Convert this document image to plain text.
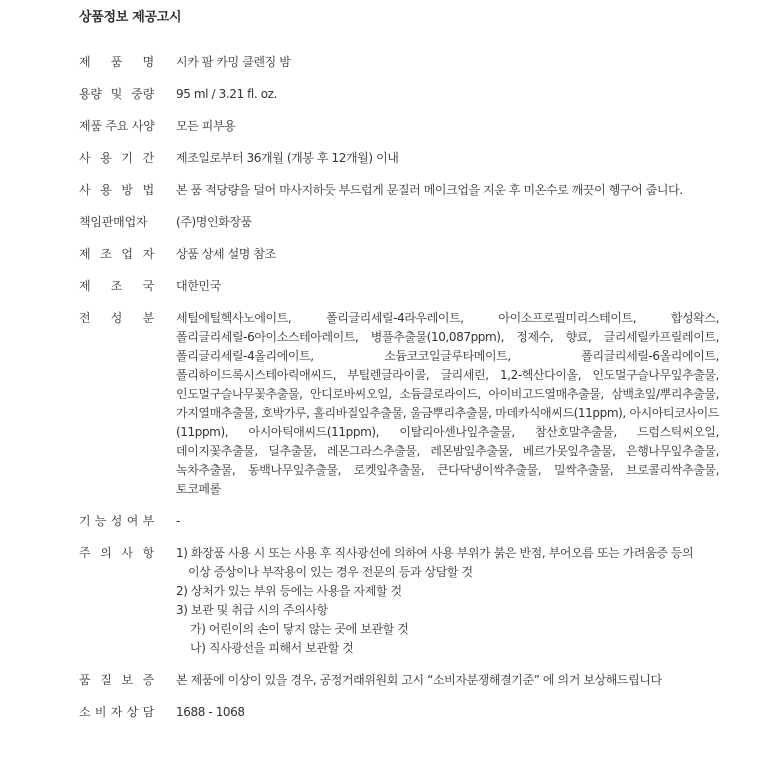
상품정보 제공고시
제 품 명 시카 팜 카밍 클렌징 밤
용량 및 중량 95 ml / 3.21 fl. oz.
제품 주요 사양 모든 피부용
사 용 기 간 제조일로부터 36개월 (개봉 후 12개월) 이내
사 용 방 법 본 품 적당량을 덜어 마사지하듯 부드럽게 문질러 메이크업을 지운 후 미온수로 깨끗이 헹구어 줍니다.
책임판매업자	(주)명인화장품
제 조 업 자 상품 상세 설명 참조
제 조 국 대한민국
전 성 분 세틸에틸헥사노에이트, 폴리글리세릴-4라우레이트, 아이소프로필미리스테이트, 합성왁스, 폴리글리세릴-6아이소스테아레이트, 병풀추출물(10,087ppm), 정제수, 향료, 글리세릴카프릴레이트, 폴리글리세릴-4올리에이트, 소듐코코일글루타메이트, 폴리글리세릴-6올리에이트, 폴리하이드록시스테아릭애씨드, 부틸렌글라이콜, 글리세린, 1,2-헥산다이올, 인도멀구슬나무잎추출물, 인도멀구슬나무꽃추출물, 안디로바씨오일, 소듐클로라이드, 아이비고드열매추출물, 삼백초잎/뿌리추출물, 가지열매추출물, 호박가루, 홀리바질잎추출물, 울금뿌리추출물, 마데카식애씨드(11ppm), 아시아티코사이드(11ppm), 아시아틱애씨드(11ppm), 이탈리아센나잎추출물, 참산호말추출물, 드럼스틱씨오일, 데이지꽃추출물, 딜추출물, 레몬그라스추출물, 레몬밤잎추출물, 베르가못잎추출물, 은행나무잎추출물, 녹차추출물, 동백나무잎추출물, 로켓잎추출물, 큰다닥냉이싹추출물, 밀싹추출물, 브로콜리싹추출물, 토코페롤
기 능 성 여 부 -
주 의 사 항 1) 화장품 사용 시 또는 사용 후 직사광선에 의하여 사용 부위가 붉은 반점, 부어오름 또는 가려움증 등의
이상 증상이나 부작용이 있는 경우 전문의 등과 상담할 것
2) 상처가 있는 부위 등에는 사용을 자제할 것
3) 보관 및 취급 시의 주의사항
가) 어린이의 손이 닿지 않는 곳에 보관할 것
나) 직사광선을 피해서 보관할 것
품 질 보 증 본 제품에 이상이 있을 경우, 공정거래위원회 고시 “소비자분쟁해결기준” 에 의거 보상해드립니다
소 비 자 상 담 1688 - 1068
